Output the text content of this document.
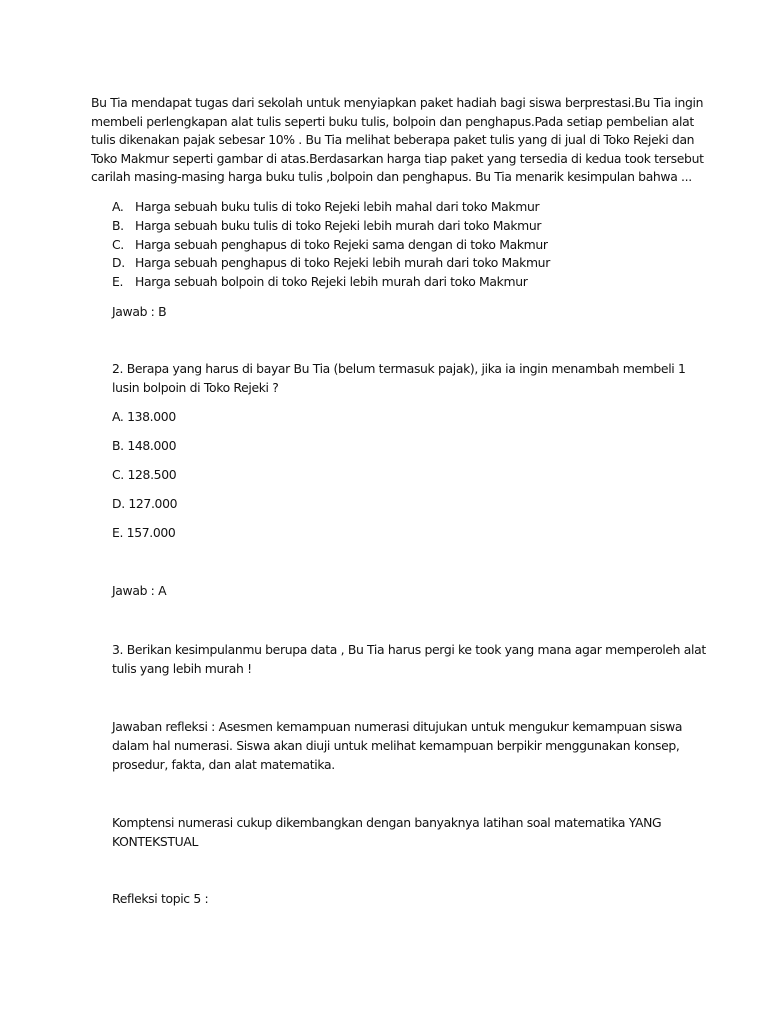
Bu Tia mendapat tugas dari sekolah untuk menyiapkan paket hadiah bagi siswa berprestasi.Bu Tia ingin
membeli perlengkapan alat tulis seperti buku tulis, bolpoin dan penghapus.Pada setiap pembelian alat
tulis dikenakan pajak sebesar 10% . Bu Tia melihat beberapa paket tulis yang di jual di Toko Rejeki dan
Toko Makmur seperti gambar di atas.Berdasarkan harga tiap paket yang tersedia di kedua took tersebut
carilah masing-masing harga buku tulis ,bolpoin dan penghapus. Bu Tia menarik kesimpulan bahwa ...
A. Harga sebuah buku tulis di toko Rejeki lebih mahal dari toko Makmur
B. Harga sebuah buku tulis di toko Rejeki lebih murah dari toko Makmur
C. Harga sebuah penghapus di toko Rejeki sama dengan di toko Makmur
D. Harga sebuah penghapus di toko Rejeki lebih murah dari toko Makmur
E. Harga sebuah bolpoin di toko Rejeki lebih murah dari toko Makmur
Jawab : B
2. Berapa yang harus di bayar Bu Tia (belum termasuk pajak), jika ia ingin menambah membeli 1
lusin bolpoin di Toko Rejeki ?
A. 138.000
B. 148.000
C. 128.500
D. 127.000
E. 157.000
Jawab : A
3. Berikan kesimpulanmu berupa data , Bu Tia harus pergi ke took yang mana agar memperoleh alat
tulis yang lebih murah !
Jawaban refleksi : Asesmen kemampuan numerasi ditujukan untuk mengukur kemampuan siswa
dalam hal numerasi. Siswa akan diuji untuk melihat kemampuan berpikir menggunakan konsep,
prosedur, fakta, dan alat matematika.
Komptensi numerasi cukup dikembangkan dengan banyaknya latihan soal matematika YANG
KONTEKSTUAL
Refleksi topic 5 :
